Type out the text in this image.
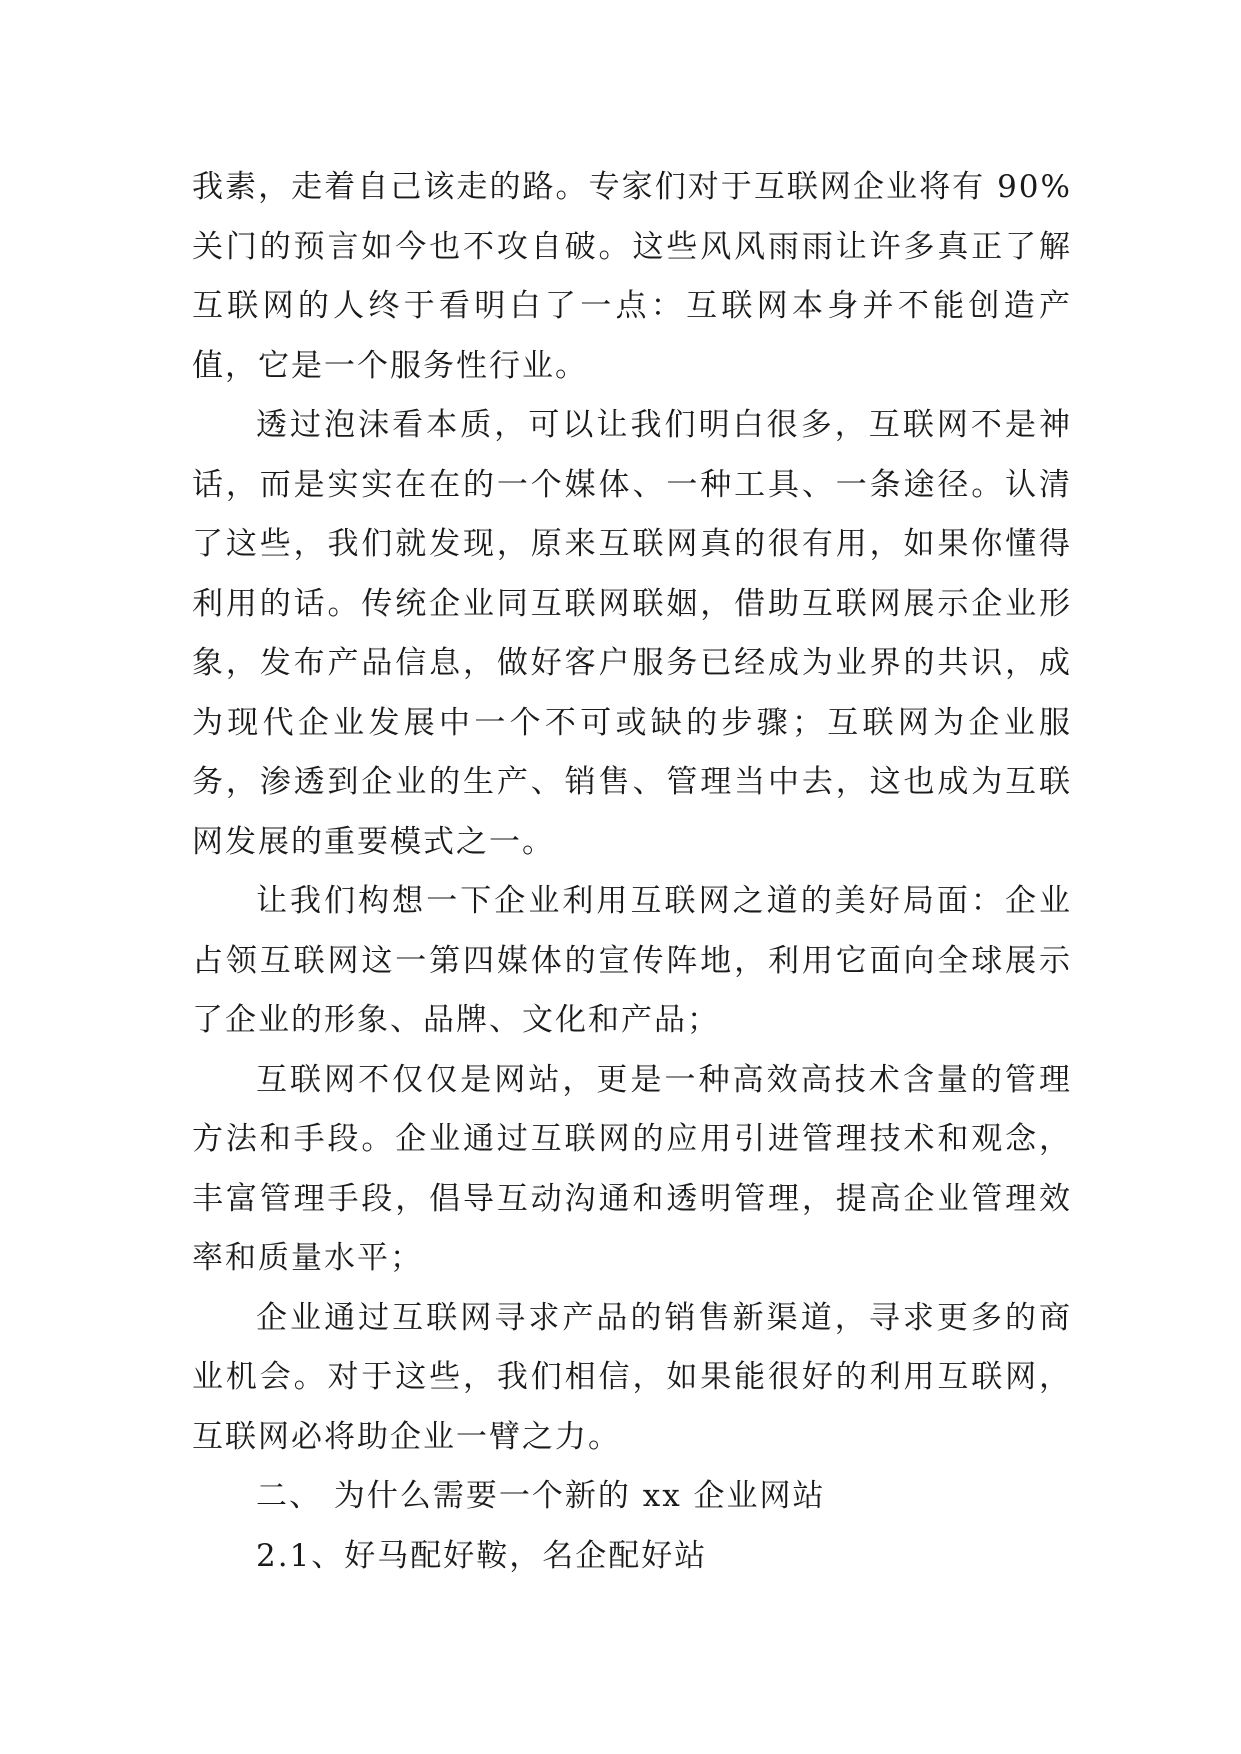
我素，走着自己该走的路。专家们对于互联网企业将有 90% 关门的预言如今也不攻自破。这些风风雨雨让许多真正了解互联网的人终于看明白了一点：互联网本身并不能创造产值，它是一个服务性行业。

透过泡沫看本质，可以让我们明白很多，互联网不是神话，而是实实在在的一个媒体、一种工具、一条途径。认清了这些，我们就发现，原来互联网真的很有用，如果你懂得利用的话。传统企业同互联网联姻，借助互联网展示企业形象，发布产品信息，做好客户服务已经成为业界的共识，成为现代企业发展中一个不可或缺的步骤；互联网为企业服务，渗透到企业的生产、销售、管理当中去，这也成为互联网发展的重要模式之一。

让我们构想一下企业利用互联网之道的美好局面：企业占领互联网这一第四媒体的宣传阵地，利用它面向全球展示了企业的形象、品牌、文化和产品；

互联网不仅仅是网站，更是一种高效高技术含量的管理方法和手段。企业通过互联网的应用引进管理技术和观念，丰富管理手段，倡导互动沟通和透明管理，提高企业管理效率和质量水平；

企业通过互联网寻求产品的销售新渠道，寻求更多的商业机会。对于这些，我们相信，如果能很好的利用互联网，互联网必将助企业一臂之力。

二、 为什么需要一个新的 xx 企业网站

2.1、好马配好鞍，名企配好站
